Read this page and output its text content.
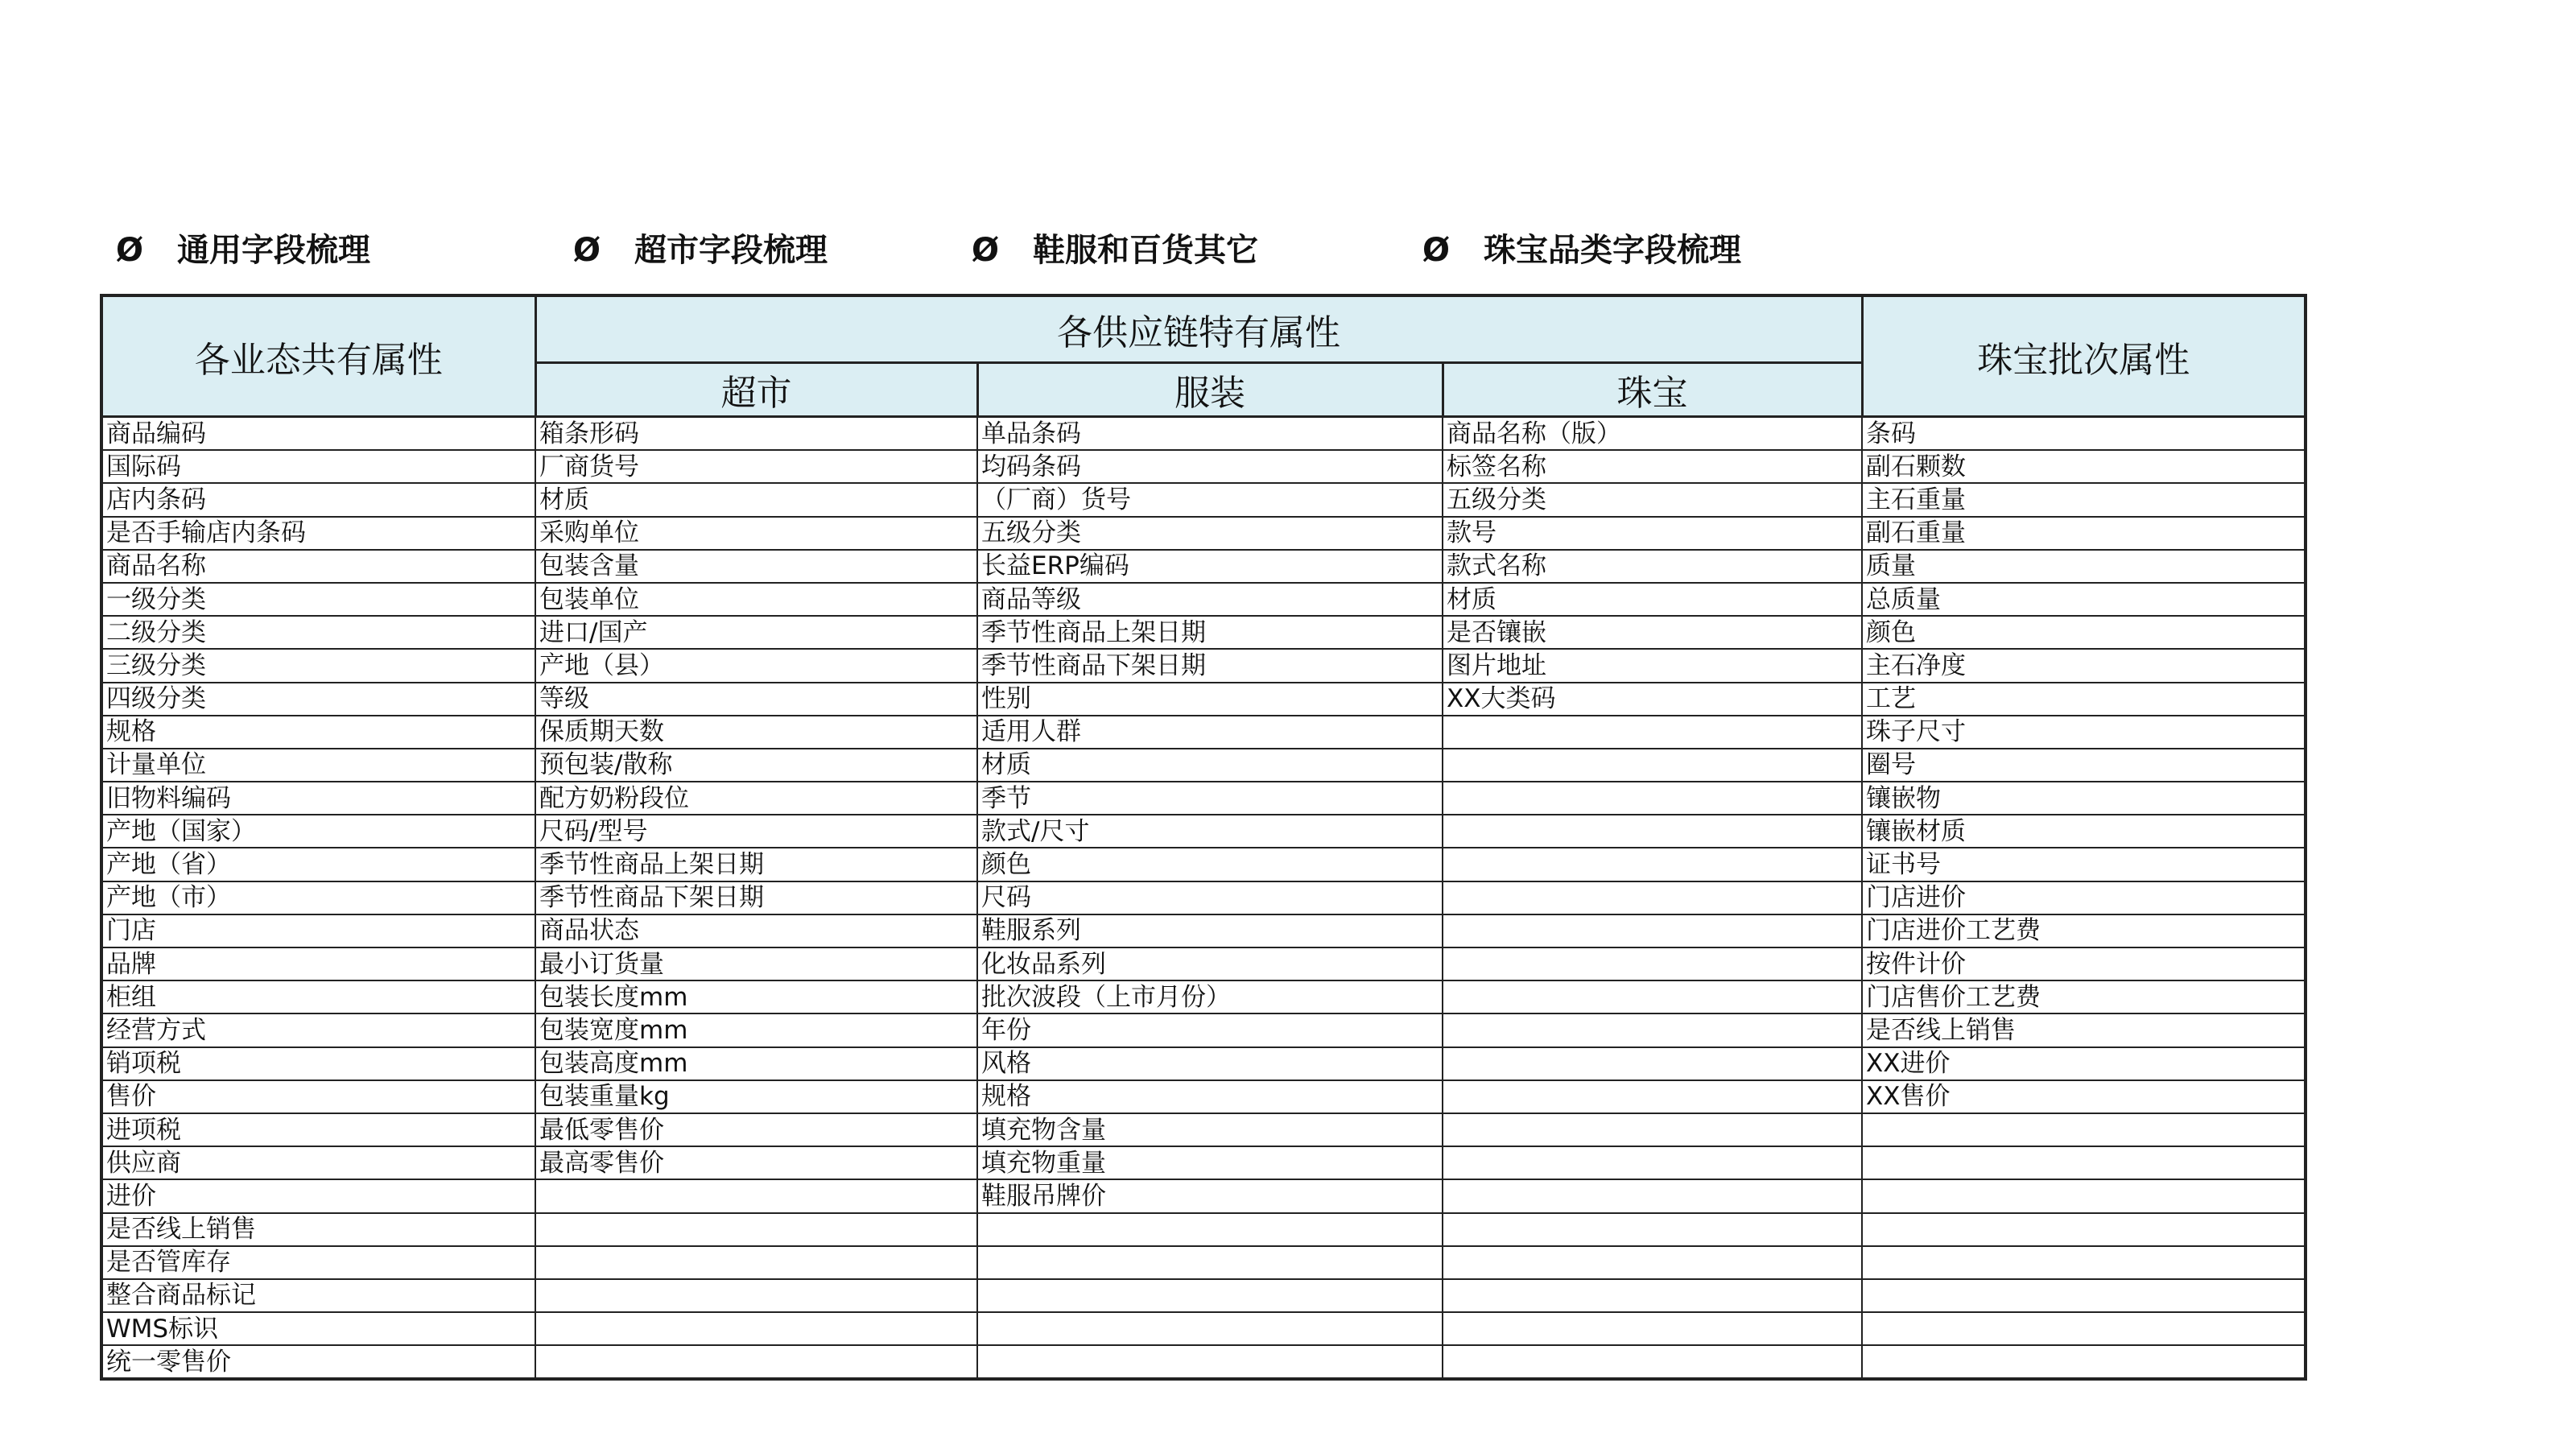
Ø 通用字段梳理	Ø 超市字段梳理	Ø 鞋服和百货其它	Ø 珠宝品类字段梳理
各业态共有属性	各供应链特有属性			珠宝批次属性
	超市	服装	珠宝	
商品编码	箱条形码	单品条码	商品名称（版）	条码
国际码	厂商货号	均码条码	标签名称	副石颗数
店内条码	材质	（厂商）货号	五级分类	主石重量
是否手输店内条码	采购单位	五级分类	款号	副石重量
商品名称	包装含量	长益ERP编码	款式名称	质量
一级分类	包装单位	商品等级	材质	总质量
二级分类	进口/国产	季节性商品上架日期	是否镶嵌	颜色
三级分类	产地（县）	季节性商品下架日期	图片地址	主石净度
四级分类	等级	性别	XX大类码	工艺
规格	保质期天数	适用人群		珠子尺寸
计量单位	预包装/散称	材质		圈号
旧物料编码	配方奶粉段位	季节		镶嵌物
产地（国家）	尺码/型号	款式/尺寸		镶嵌材质
产地（省）	季节性商品上架日期	颜色		证书号
产地（市）	季节性商品下架日期	尺码		门店进价
门店	商品状态	鞋服系列		门店进价工艺费
品牌	最小订货量	化妆品系列		按件计价
柜组	包装长度mm	批次波段（上市月份）		门店售价工艺费
经营方式	包装宽度mm	年份		是否线上销售
销项税	包装高度mm	风格		XX进价
售价	包装重量kg	规格		XX售价
进项税	最低零售价	填充物含量		
供应商	最高零售价	填充物重量		
进价		鞋服吊牌价		
是否线上销售				
是否管库存				
整合商品标记				
WMS标识				
统一零售价				
